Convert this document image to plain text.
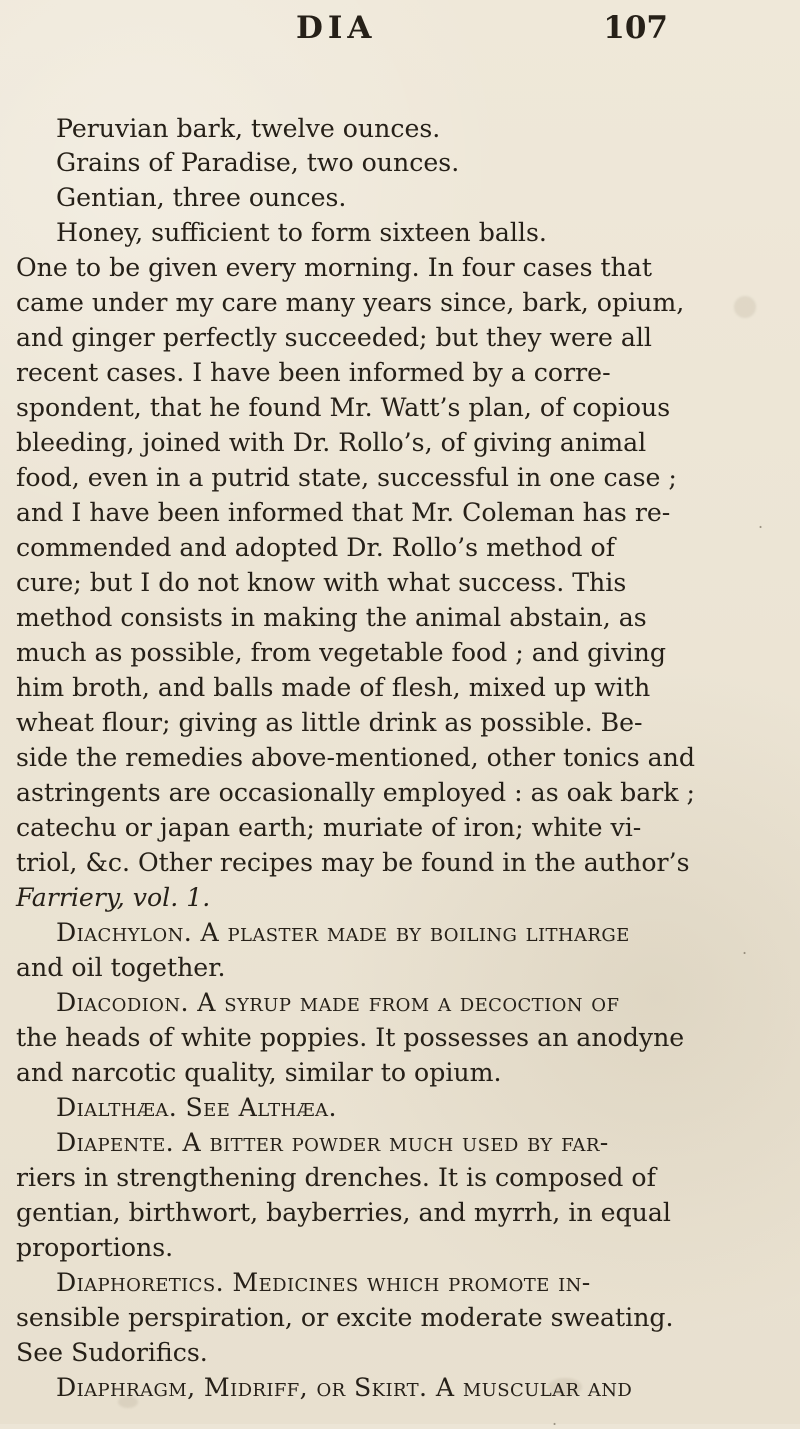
DIA	107
Peruvian bark, twelve ounces.
Grains of Paradise, two ounces.
Gentian, three ounces.
Honey, sufficient to form sixteen balls.
One to be given every morning. In four cases that
came under my care many years since, bark, opium,
and ginger perfectly succeeded; but they were all
recent cases. I have been informed by a corre-
spondent, that he found Mr. Watt’s plan, of copious
bleeding, joined with Dr. Rollo’s, of giving animal
food, even in a putrid state, successful in one case ;
and I have been informed that Mr. Coleman has re-
commended and adopted Dr. Rollo’s method of
cure; but I do not know with what success. This
method consists in making the animal abstain, as
much as possible, from vegetable food ; and giving
him broth, and balls made of flesh, mixed up with
wheat flour; giving as little drink as possible. Be-
side the remedies above-mentioned, other tonics and
astringents are occasionally employed : as oak bark ;
catechu or japan earth; muriate of iron; white vi-
triol, &c. Other recipes may be found in the author’s
Farriery, vol. 1.
Diachylon. A plaster made by boiling litharge
and oil together.
Diacodion. A syrup made from a decoction of
the heads of white poppies. It possesses an anodyne
and narcotic quality, similar to opium.
Dialthæa. See Althæa.
Diapente. A bitter powder much used by far-
riers in strengthening drenches. It is composed of
gentian, birthwort, bayberries, and myrrh, in equal
proportions.
Diaphoretics. Medicines which promote in-
sensible perspiration, or excite moderate sweating.
See Sudorifics.
Diaphragm, Midriff, or Skirt. A muscular and
.
.
.
